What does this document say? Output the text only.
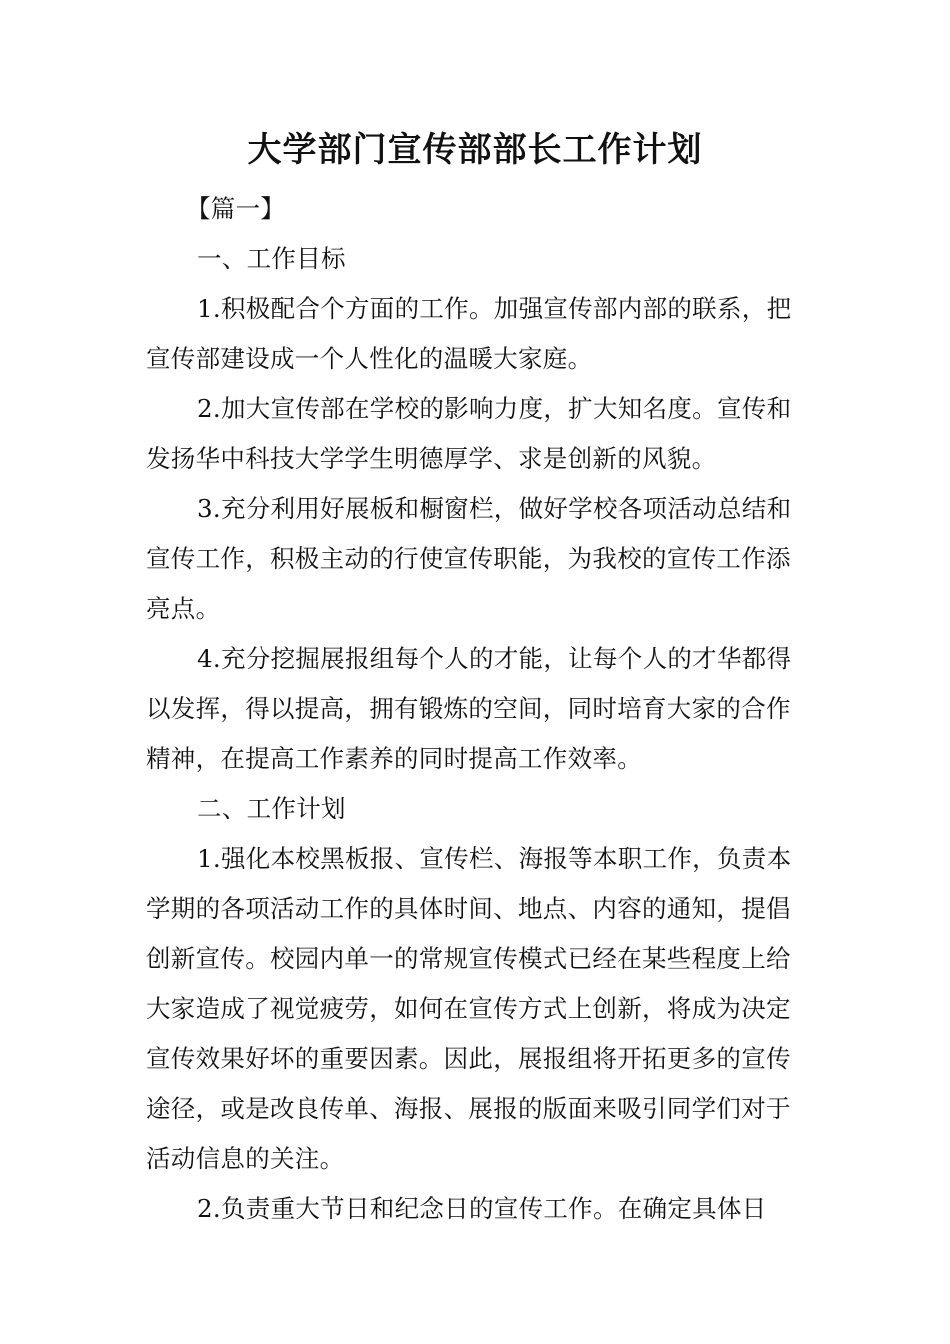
大学部门宣传部部长工作计划

【篇一】

一、工作目标

1.积极配合个方面的工作。加强宣传部内部的联系，把宣传部建设成一个人性化的温暖大家庭。

2.加大宣传部在学校的影响力度，扩大知名度。宣传和发扬华中科技大学学生明德厚学、求是创新的风貌。

3.充分利用好展板和橱窗栏，做好学校各项活动总结和宣传工作，积极主动的行使宣传职能，为我校的宣传工作添亮点。

4.充分挖掘展报组每个人的才能，让每个人的才华都得以发挥，得以提高，拥有锻炼的空间，同时培育大家的合作精神，在提高工作素养的同时提高工作效率。

二、工作计划

1.强化本校黑板报、宣传栏、海报等本职工作，负责本学期的各项活动工作的具体时间、地点、内容的通知，提倡创新宣传。校园内单一的常规宣传模式已经在某些程度上给大家造成了视觉疲劳，如何在宣传方式上创新，将成为决定宣传效果好坏的重要因素。因此，展报组将开拓更多的宣传途径，或是改良传单、海报、展报的版面来吸引同学们对于活动信息的关注。

2.负责重大节日和纪念日的宣传工作。在确定具体日
